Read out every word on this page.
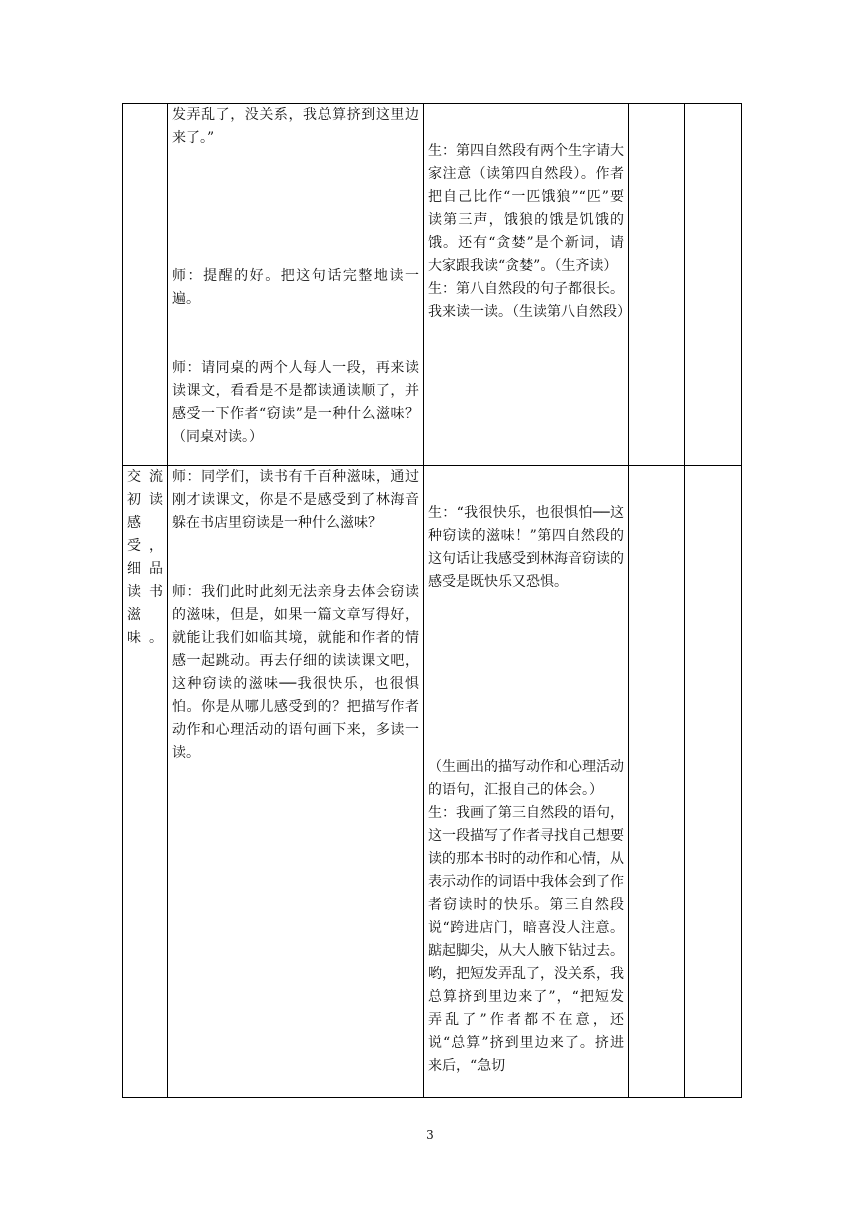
	发弄乱了，没关系，我总算挤到这里边来了。”
师：提醒的好。把这句话完整地读一遍。
师：请同桌的两个人每人一段，再来读读课文，看看是不是都读通读顺了，并感受一下作者“窃读”是一种什么滋味？（同桌对读。）	生：第四自然段有两个生字请大家注意（读第四自然段）。作者把自己比作“一匹饿狼”“匹”要读第三声，饿狼的饿是饥饿的饿。还有“贪婪”是个新词，请大家跟我读“贪婪”。（生齐读）
生：第八自然段的句子都很长。我来读一读。（生读第八自然段）		

交流初读感受，细品读书滋味。	师：同学们，读书有千百种滋味，通过刚才读课文，你是不是感受到了林海音躲在书店里窃读是一种什么滋味？
师：我们此时此刻无法亲身去体会窃读的滋味，但是，如果一篇文章写得好，就能让我们如临其境，就能和作者的情感一起跳动。再去仔细的读读课文吧，这种窃读的滋味──我很快乐，也很惧怕。你是从哪儿感受到的？把描写作者动作和心理活动的语句画下来，多读一读。	生：“我很快乐，也很惧怕──这种窃读的滋味！”第四自然段的这句话让我感受到林海音窃读的感受是既快乐又恐惧。
（生画出的描写动作和心理活动的语句，汇报自己的体会。）
生：我画了第三自然段的语句，这一段描写了作者寻找自己想要读的那本书时的动作和心情，从表示动作的词语中我体会到了作者窃读时的快乐。第三自然段说“跨进店门，暗喜没人注意。踮起脚尖，从大人腋下钻过去。哟，把短发弄乱了，没关系，我总算挤到里边来了”，“把短发弄乱了”作者都不在意，还说“总算”挤到里边来了。挤进来后，“急切		

3
